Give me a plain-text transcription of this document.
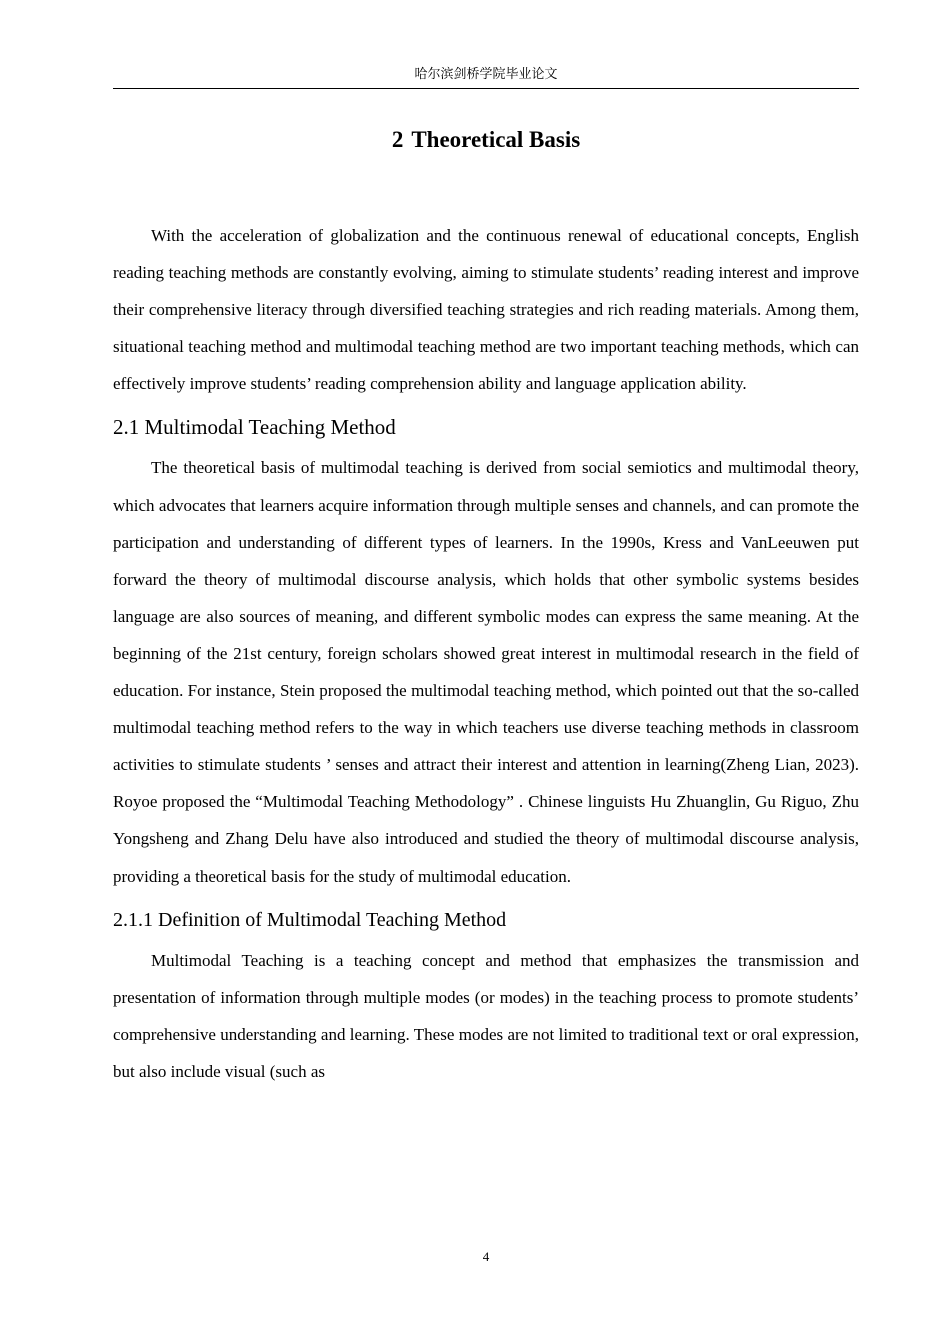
哈尔滨剑桥学院毕业论文
2 Theoretical Basis

With the acceleration of globalization and the continuous renewal of educational concepts, English reading teaching methods are constantly evolving, aiming to stimulate students’ reading interest and improve their comprehensive literacy through diversified teaching strategies and rich reading materials. Among them, situational teaching method and multimodal teaching method are two important teaching methods, which can effectively improve students’ reading comprehension ability and language application ability.

2.1 Multimodal Teaching Method

The theoretical basis of multimodal teaching is derived from social semiotics and multimodal theory, which advocates that learners acquire information through multiple senses and channels, and can promote the participation and understanding of different types of learners. In the 1990s, Kress and VanLeeuwen put forward the theory of multimodal discourse analysis, which holds that other symbolic systems besides language are also sources of meaning, and different symbolic modes can express the same meaning. At the beginning of the 21st century, foreign scholars showed great interest in multimodal research in the field of education. For instance, Stein proposed the multimodal teaching method, which pointed out that the so-called multimodal teaching method refers to the way in which teachers use diverse teaching methods in classroom activities to stimulate students ’ senses and attract their interest and attention in learning(Zheng Lian, 2023). Royoe proposed the “Multimodal Teaching Methodology” . Chinese linguists Hu Zhuanglin, Gu Riguo, Zhu Yongsheng and Zhang Delu have also introduced and studied the theory of multimodal discourse analysis, providing a theoretical basis for the study of multimodal education.

2.1.1 Definition of Multimodal Teaching Method

Multimodal Teaching is a teaching concept and method that emphasizes the transmission and presentation of information through multiple modes (or modes) in the teaching process to promote students’ comprehensive understanding and learning. These modes are not limited to traditional text or oral expression, but also include visual (such as

4
